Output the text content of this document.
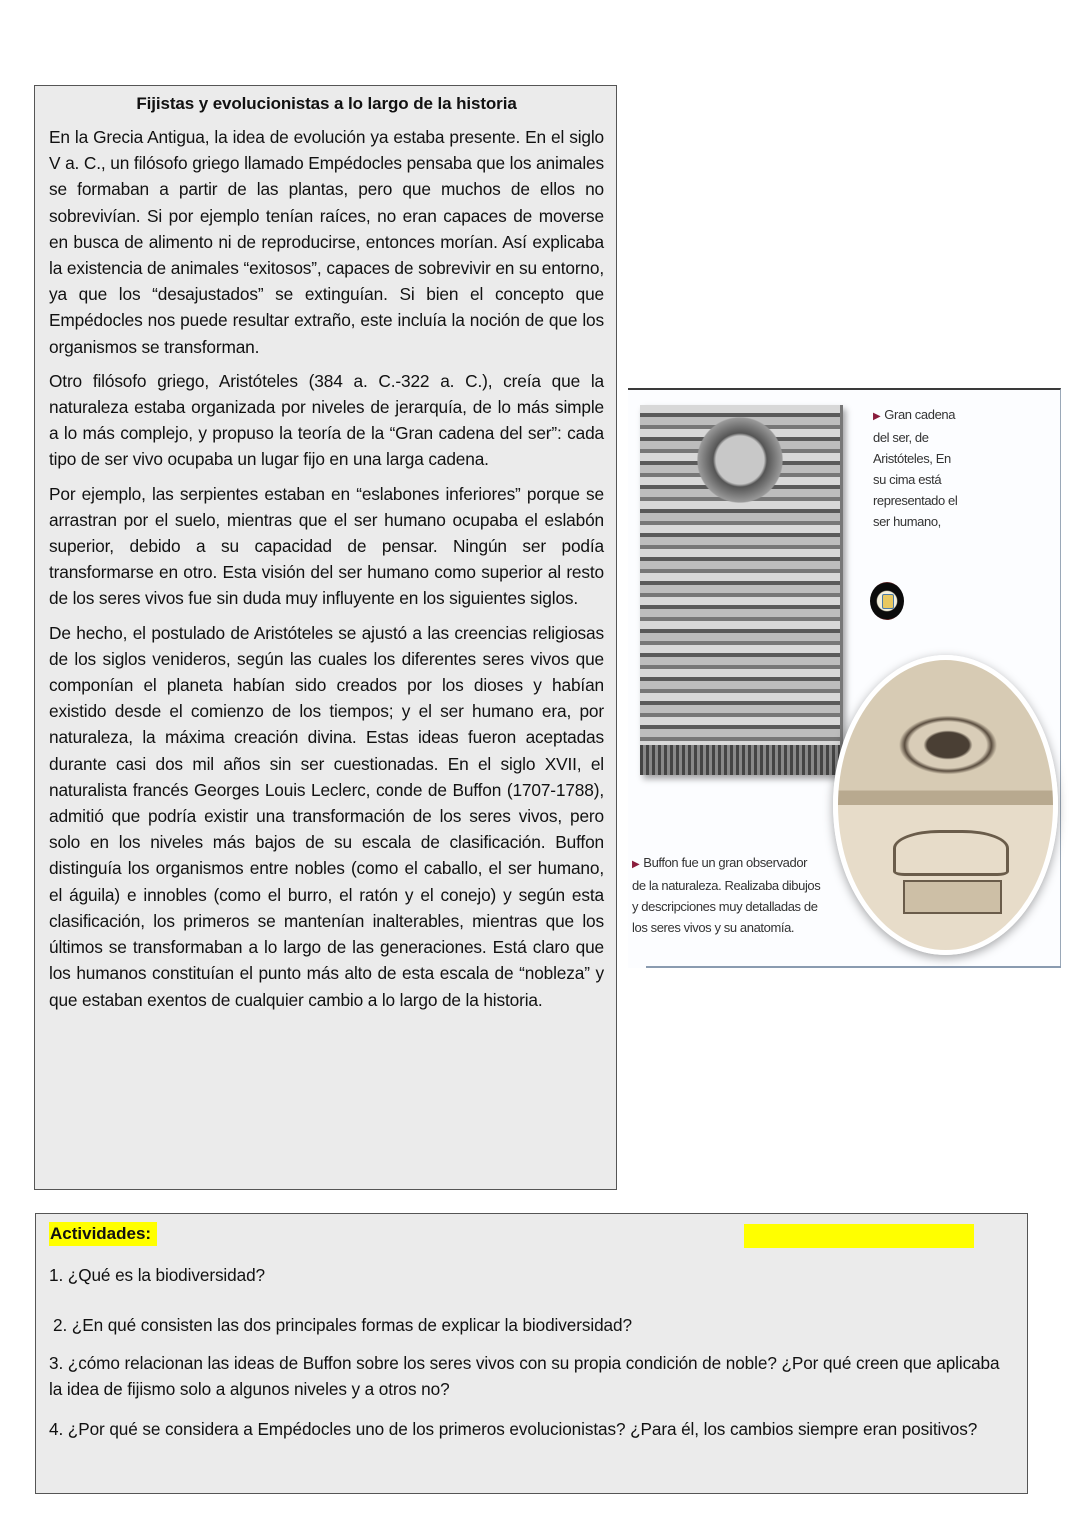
Fijistas y evolucionistas a lo largo de la historia

En la Grecia Antigua, la idea de evolución ya estaba presente. En el siglo V a. C., un filósofo griego llamado Empédocles pensaba que los animales se formaban a partir de las plantas, pero que muchos de ellos no sobrevivían. Si por ejemplo tenían raíces, no eran capaces de moverse en busca de alimento ni de reproducirse, entonces morían. Así explicaba la existencia de animales “exitosos”, capaces de sobrevivir en su entorno, ya que los “desajustados” se extinguían. Si bien el concepto que Empédocles nos puede resultar extraño, este incluía la noción de que los organismos se transforman.

Otro filósofo griego, Aristóteles (384 a. C.-322 a. C.), creía que la naturaleza estaba organizada por niveles de jerarquía, de lo más simple a lo más complejo, y propuso la teoría de la “Gran cadena del ser”: cada tipo de ser vivo ocupaba un lugar fijo en una larga cadena.

Por ejemplo, las serpientes estaban en “eslabones inferiores” porque se arrastran por el suelo, mientras que el ser humano ocupaba el eslabón superior, debido a su capacidad de pensar. Ningún ser podía transformarse en otro. Esta visión del ser humano como superior al resto de los seres vivos fue sin duda muy influyente en los siguientes siglos.

De hecho, el postulado de Aristóteles se ajustó a las creencias religiosas de los siglos venideros, según las cuales los diferentes seres vivos que componían el planeta habían sido creados por los dioses y habían existido desde el comienzo de los tiempos; y el ser humano era, por naturaleza, la máxima creación divina. Estas ideas fueron aceptadas durante casi dos mil años sin ser cuestionadas. En el siglo XVII, el naturalista francés Georges Louis Leclerc, conde de Buffon (1707-1788), admitió que podría existir una transformación de los seres vivos, pero solo en los niveles más bajos de su escala de clasificación. Buffon distinguía los organismos entre nobles (como el caballo, el ser humano, el águila) e innobles (como el burro, el ratón y el conejo) y según esta clasificación, los primeros se mantenían inalterables, mientras que los últimos se transformaban a lo largo de las generaciones. Está claro que los humanos constituían el punto más alto de esta escala de “nobleza” y que estaban exentos de cualquier cambio a lo largo de la historia.

▶ Gran cadena del ser, de Aristóteles, En su cima está representado el ser humano,
▶ Buffon fue un gran observador de la naturaleza. Realizaba dibujos y descripciones muy detalladas de los seres vivos y su anatomía.
Actividades:

1. ¿Qué es la biodiversidad?

2. ¿En qué consisten las dos principales formas de explicar la biodiversidad?

3. ¿cómo relacionan las ideas de Buffon sobre los seres vivos con su propia condición de noble? ¿Por qué creen que aplicaba la idea de fijismo solo a algunos niveles y a otros no?

4. ¿Por qué se considera a Empédocles uno de los primeros evolucionistas? ¿Para él, los cambios siempre eran positivos?
